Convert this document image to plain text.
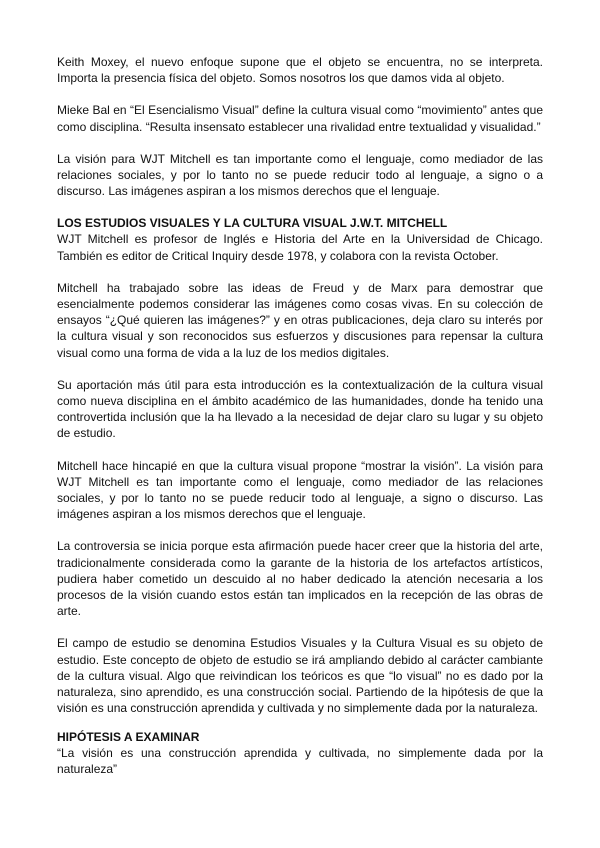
Keith Moxey, el nuevo enfoque supone que el objeto se encuentra, no se interpreta. Importa la presencia física del objeto. Somos nosotros los que damos vida al objeto.

Mieke Bal en “El Esencialismo Visual” define la cultura visual como “movimiento” antes que como disciplina. “Resulta insensato establecer una rivalidad entre textualidad y visualidad.”

La visión para WJT Mitchell es tan importante como el lenguaje, como mediador de las relaciones sociales, y por lo tanto no se puede reducir todo al lenguaje, a signo o a discurso. Las imágenes aspiran a los mismos derechos que el lenguaje.

LOS ESTUDIOS VISUALES Y LA CULTURA VISUAL J.W.T. MITCHELL

WJT Mitchell es profesor de Inglés e Historia del Arte en la Universidad de Chicago. También es editor de Critical Inquiry desde 1978, y colabora con la revista October.

Mitchell ha trabajado sobre las ideas de Freud y de Marx para demostrar que esencialmente podemos considerar las imágenes como cosas vivas. En su colección de ensayos “¿Qué quieren las imágenes?” y en otras publicaciones, deja claro su interés por la cultura visual y son reconocidos sus esfuerzos y discusiones para repensar la cultura visual como una forma de vida a la luz de los medios digitales.

Su aportación más útil para esta introducción es la contextualización de la cultura visual como nueva disciplina en el ámbito académico de las humanidades, donde ha tenido una controvertida inclusión que la ha llevado a la necesidad de dejar claro su lugar y su objeto de estudio.

Mitchell hace hincapié en que la cultura visual propone “mostrar la visión”. La visión para WJT Mitchell es tan importante como el lenguaje, como mediador de las relaciones sociales, y por lo tanto no se puede reducir todo al lenguaje, a signo o discurso. Las imágenes aspiran a los mismos derechos que el lenguaje.

La controversia se inicia porque esta afirmación puede hacer creer que la historia del arte, tradicionalmente considerada como la garante de la historia de los artefactos artísticos, pudiera haber cometido un descuido al no haber dedicado la atención necesaria a los procesos de la visión cuando estos están tan implicados en la recepción de las obras de arte.

El campo de estudio se denomina Estudios Visuales y la Cultura Visual es su objeto de estudio. Este concepto de objeto de estudio se irá ampliando debido al carácter cambiante de la cultura visual. Algo que reivindican los teóricos es que “lo visual” no es dado por la naturaleza, sino aprendido, es una construcción social. Partiendo de la hipótesis de que la visión es una construcción aprendida y cultivada y no simplemente dada por la naturaleza.

HIPÓTESIS A EXAMINAR

“La visión es una construcción aprendida y cultivada, no simplemente dada por la naturaleza”
